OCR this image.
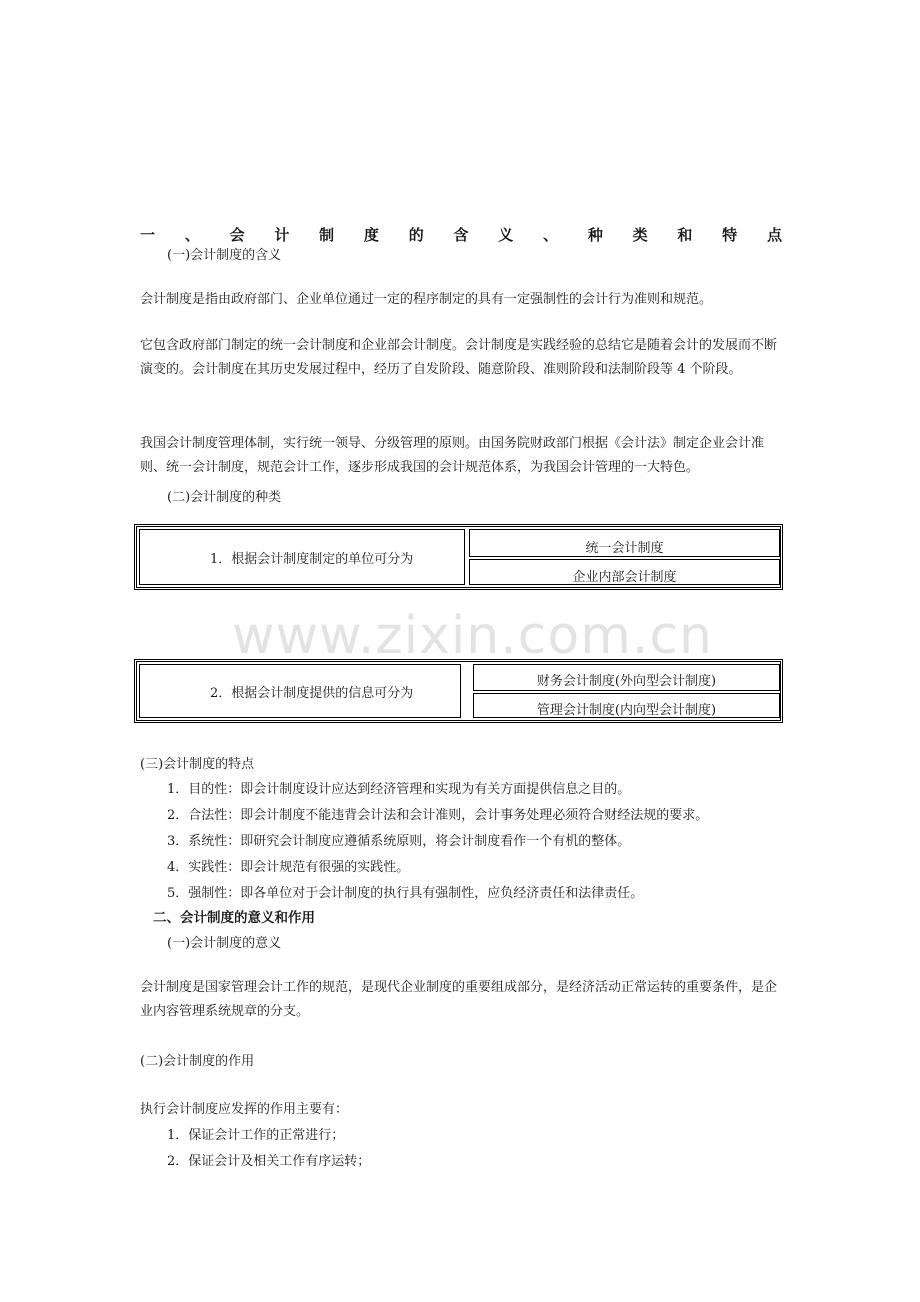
www.zixin.com.cn
一 、 会 计 制 度 的 含 义 、 种 类 和 特 点
(一)会计制度的含义
会计制度是指由政府部门、企业单位通过一定的程序制定的具有一定强制性的会计行为准则和规范。
它包含政府部门制定的统一会计制度和企业部会计制度。会计制度是实践经验的总结它是随着会计的发展而不断演变的。会计制度在其历史发展过程中，经历了自发阶段、随意阶段、准则阶段和法制阶段等 4 个阶段。
我国会计制度管理体制，实行统一领导、分级管理的原则。由国务院财政部门根据《会计法》制定企业会计准则、统一会计制度，规范会计工作，逐步形成我国的会计规范体系，为我国会计管理的一大特色。
(二)会计制度的种类
1．根据会计制度制定的单位可分为
统一会计制度
企业内部会计制度
2．根据会计制度提供的信息可分为
财务会计制度(外向型会计制度)
管理会计制度(内向型会计制度)
(三)会计制度的特点
1．目的性：即会计制度设计应达到经济管理和实现为有关方面提供信息之目的。
2．合法性：即会计制度不能违背会计法和会计准则，会计事务处理必须符合财经法规的要求。
3．系统性：即研究会计制度应遵循系统原则，将会计制度看作一个有机的整体。
4．实践性：即会计规范有很强的实践性。
5．强制性：即各单位对于会计制度的执行具有强制性，应负经济责任和法律责任。
二、会计制度的意义和作用
(一)会计制度的意义
会计制度是国家管理会计工作的规范，是现代企业制度的重要组成部分，是经济活动正常运转的重要条件，是企业内容管理系统规章的分支。
(二)会计制度的作用
执行会计制度应发挥的作用主要有：
1．保证会计工作的正常进行；
2．保证会计及相关工作有序运转；
